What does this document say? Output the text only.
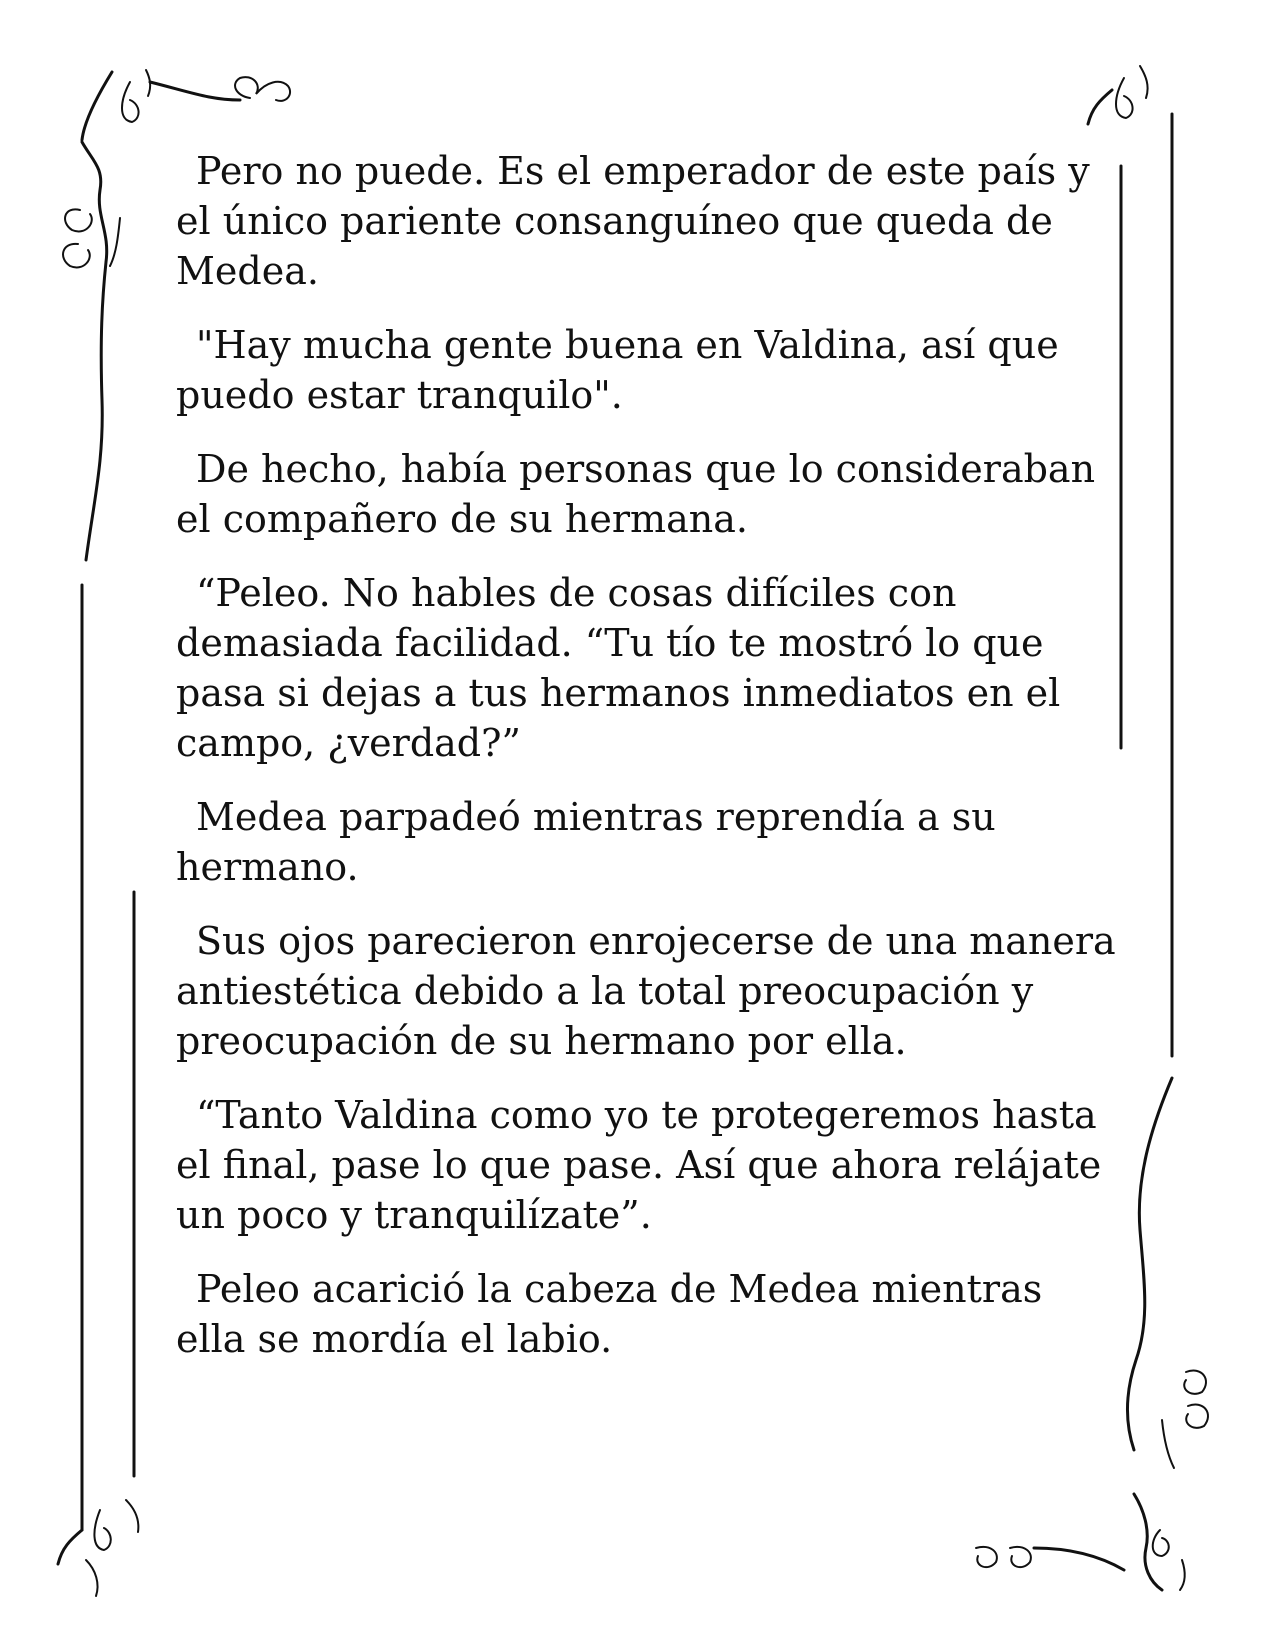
Pero no puede. Es el emperador de este país y el único pariente consanguíneo que queda de Medea.

"Hay mucha gente buena en Valdina, así que puedo estar tranquilo".

De hecho, había personas que lo consideraban el compañero de su hermana.

“Peleo. No hables de cosas difíciles con demasiada facilidad. “Tu tío te mostró lo que pasa si dejas a tus hermanos inmediatos en el campo, ¿verdad?”

Medea parpadeó mientras reprendía a su hermano.

Sus ojos parecieron enrojecerse de una manera antiestética debido a la total preocupación y preocupación de su hermano por ella.

“Tanto Valdina como yo te protegeremos hasta el final, pase lo que pase. Así que ahora relájate un poco y tranquilízate”.

Peleo acarició la cabeza de Medea mientras ella se mordía el labio.
